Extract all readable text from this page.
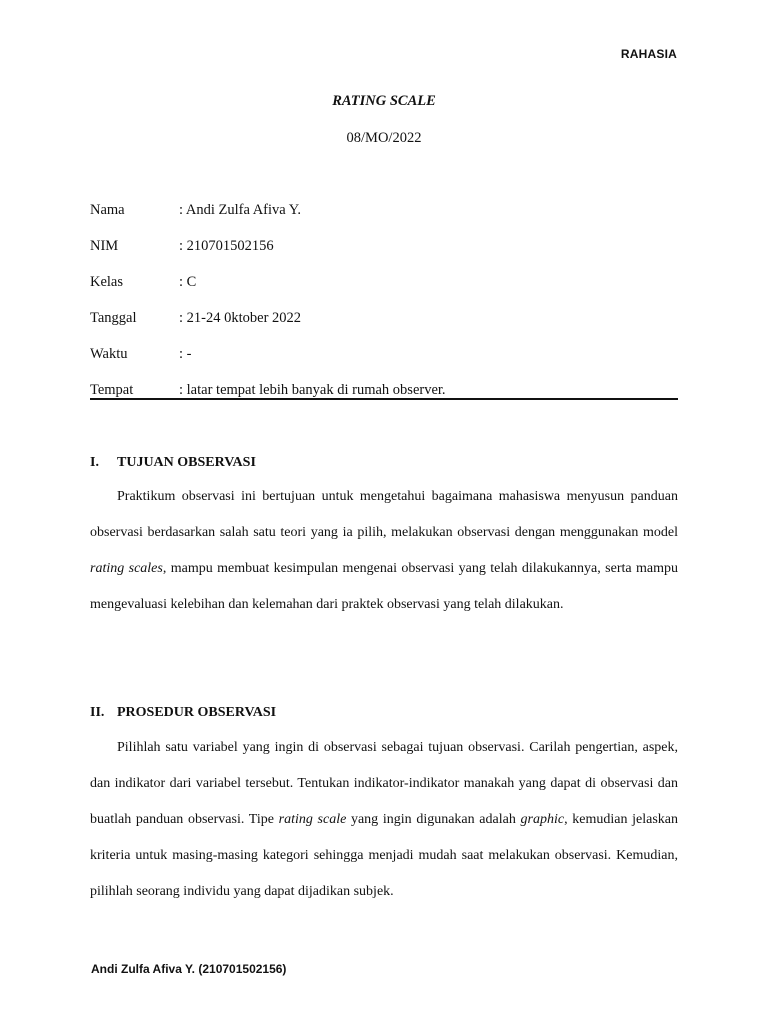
RAHASIA
RATING SCALE
08/MO/2022
Nama	: Andi Zulfa Afiva Y.
NIM	: 210701502156
Kelas	: C
Tanggal	: 21-24 0ktober 2022
Waktu	: -
Tempat	: latar tempat lebih banyak di rumah observer.
I. TUJUAN OBSERVASI
Praktikum observasi ini bertujuan untuk mengetahui bagaimana mahasiswa menyusun panduan observasi berdasarkan salah satu teori yang ia pilih, melakukan observasi dengan menggunakan model rating scales, mampu membuat kesimpulan mengenai observasi yang telah dilakukannya, serta mampu mengevaluasi kelebihan dan kelemahan dari praktek observasi yang telah dilakukan.
II. PROSEDUR OBSERVASI
Pilihlah satu variabel yang ingin di observasi sebagai tujuan observasi. Carilah pengertian, aspek, dan indikator dari variabel tersebut. Tentukan indikator-indikator manakah yang dapat di observasi dan buatlah panduan observasi. Tipe rating scale yang ingin digunakan adalah graphic, kemudian jelaskan kriteria untuk masing-masing kategori sehingga menjadi mudah saat melakukan observasi. Kemudian, pilihlah seorang individu yang dapat dijadikan subjek.
Andi Zulfa Afiva Y. (210701502156)
